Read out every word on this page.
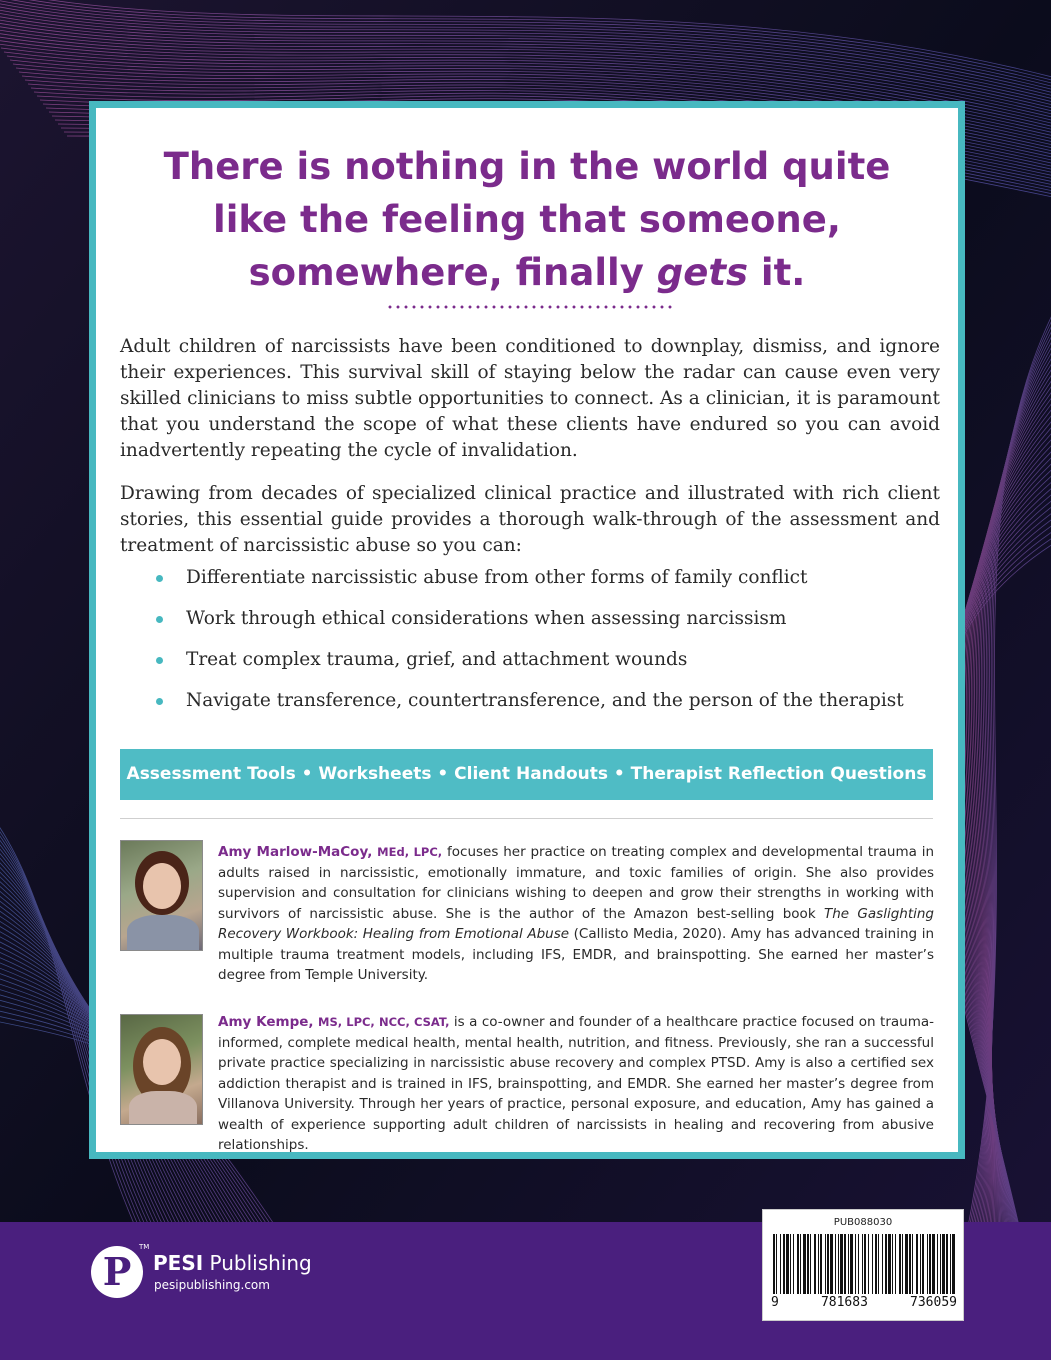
There is nothing in the world quite
like the feeling that someone,
somewhere, finally gets it.

Adult children of narcissists have been conditioned to downplay, dismiss, and ignore their experiences. This survival skill of staying below the radar can cause even very skilled clinicians to miss subtle opportunities to connect. As a clinician, it is paramount that you understand the scope of what these clients have endured so you can avoid inadvertently repeating the cycle of invalidation.

Drawing from decades of specialized clinical practice and illustrated with rich client stories, this essential guide provides a thorough walk-through of the assessment and treatment of narcissistic abuse so you can:

Differentiate narcissistic abuse from other forms of family conflict
Work through ethical considerations when assessing narcissism
Treat complex trauma, grief, and attachment wounds
Navigate transference, countertransference, and the person of the therapist
Assessment Tools • Worksheets • Client Handouts • Therapist Reflection Questions

Amy Marlow-MaCoy, MEd, LPC, focuses her practice on treating complex and developmental trauma in adults raised in narcissistic, emotionally immature, and toxic families of origin. She also provides supervision and consultation for clinicians wishing to deepen and grow their strengths in working with survivors of narcissistic abuse. She is the author of the Amazon best-selling book The Gaslighting Recovery Workbook: Healing from Emotional Abuse (Callisto Media, 2020). Amy has advanced training in multiple trauma treatment models, including IFS, EMDR, and brainspotting. She earned her master’s degree from Temple University.

Amy Kempe, MS, LPC, NCC, CSAT, is a co-owner and founder of a healthcare practice focused on trauma-informed, complete medical health, mental health, nutrition, and fitness. Previously, she ran a successful private practice specializing in narcissistic abuse recovery and complex PTSD. Amy is also a certified sex addiction therapist and is trained in IFS, brainspotting, and EMDR. She earned her master’s degree from Villanova University. Through her years of practice, personal exposure, and education, Amy has gained a wealth of experience supporting adult children of narcissists in healing and recovering from abusive relationships.

P
TM
PESI Publishing
pesipublishing.com
PUB088030
9	781683	736059
